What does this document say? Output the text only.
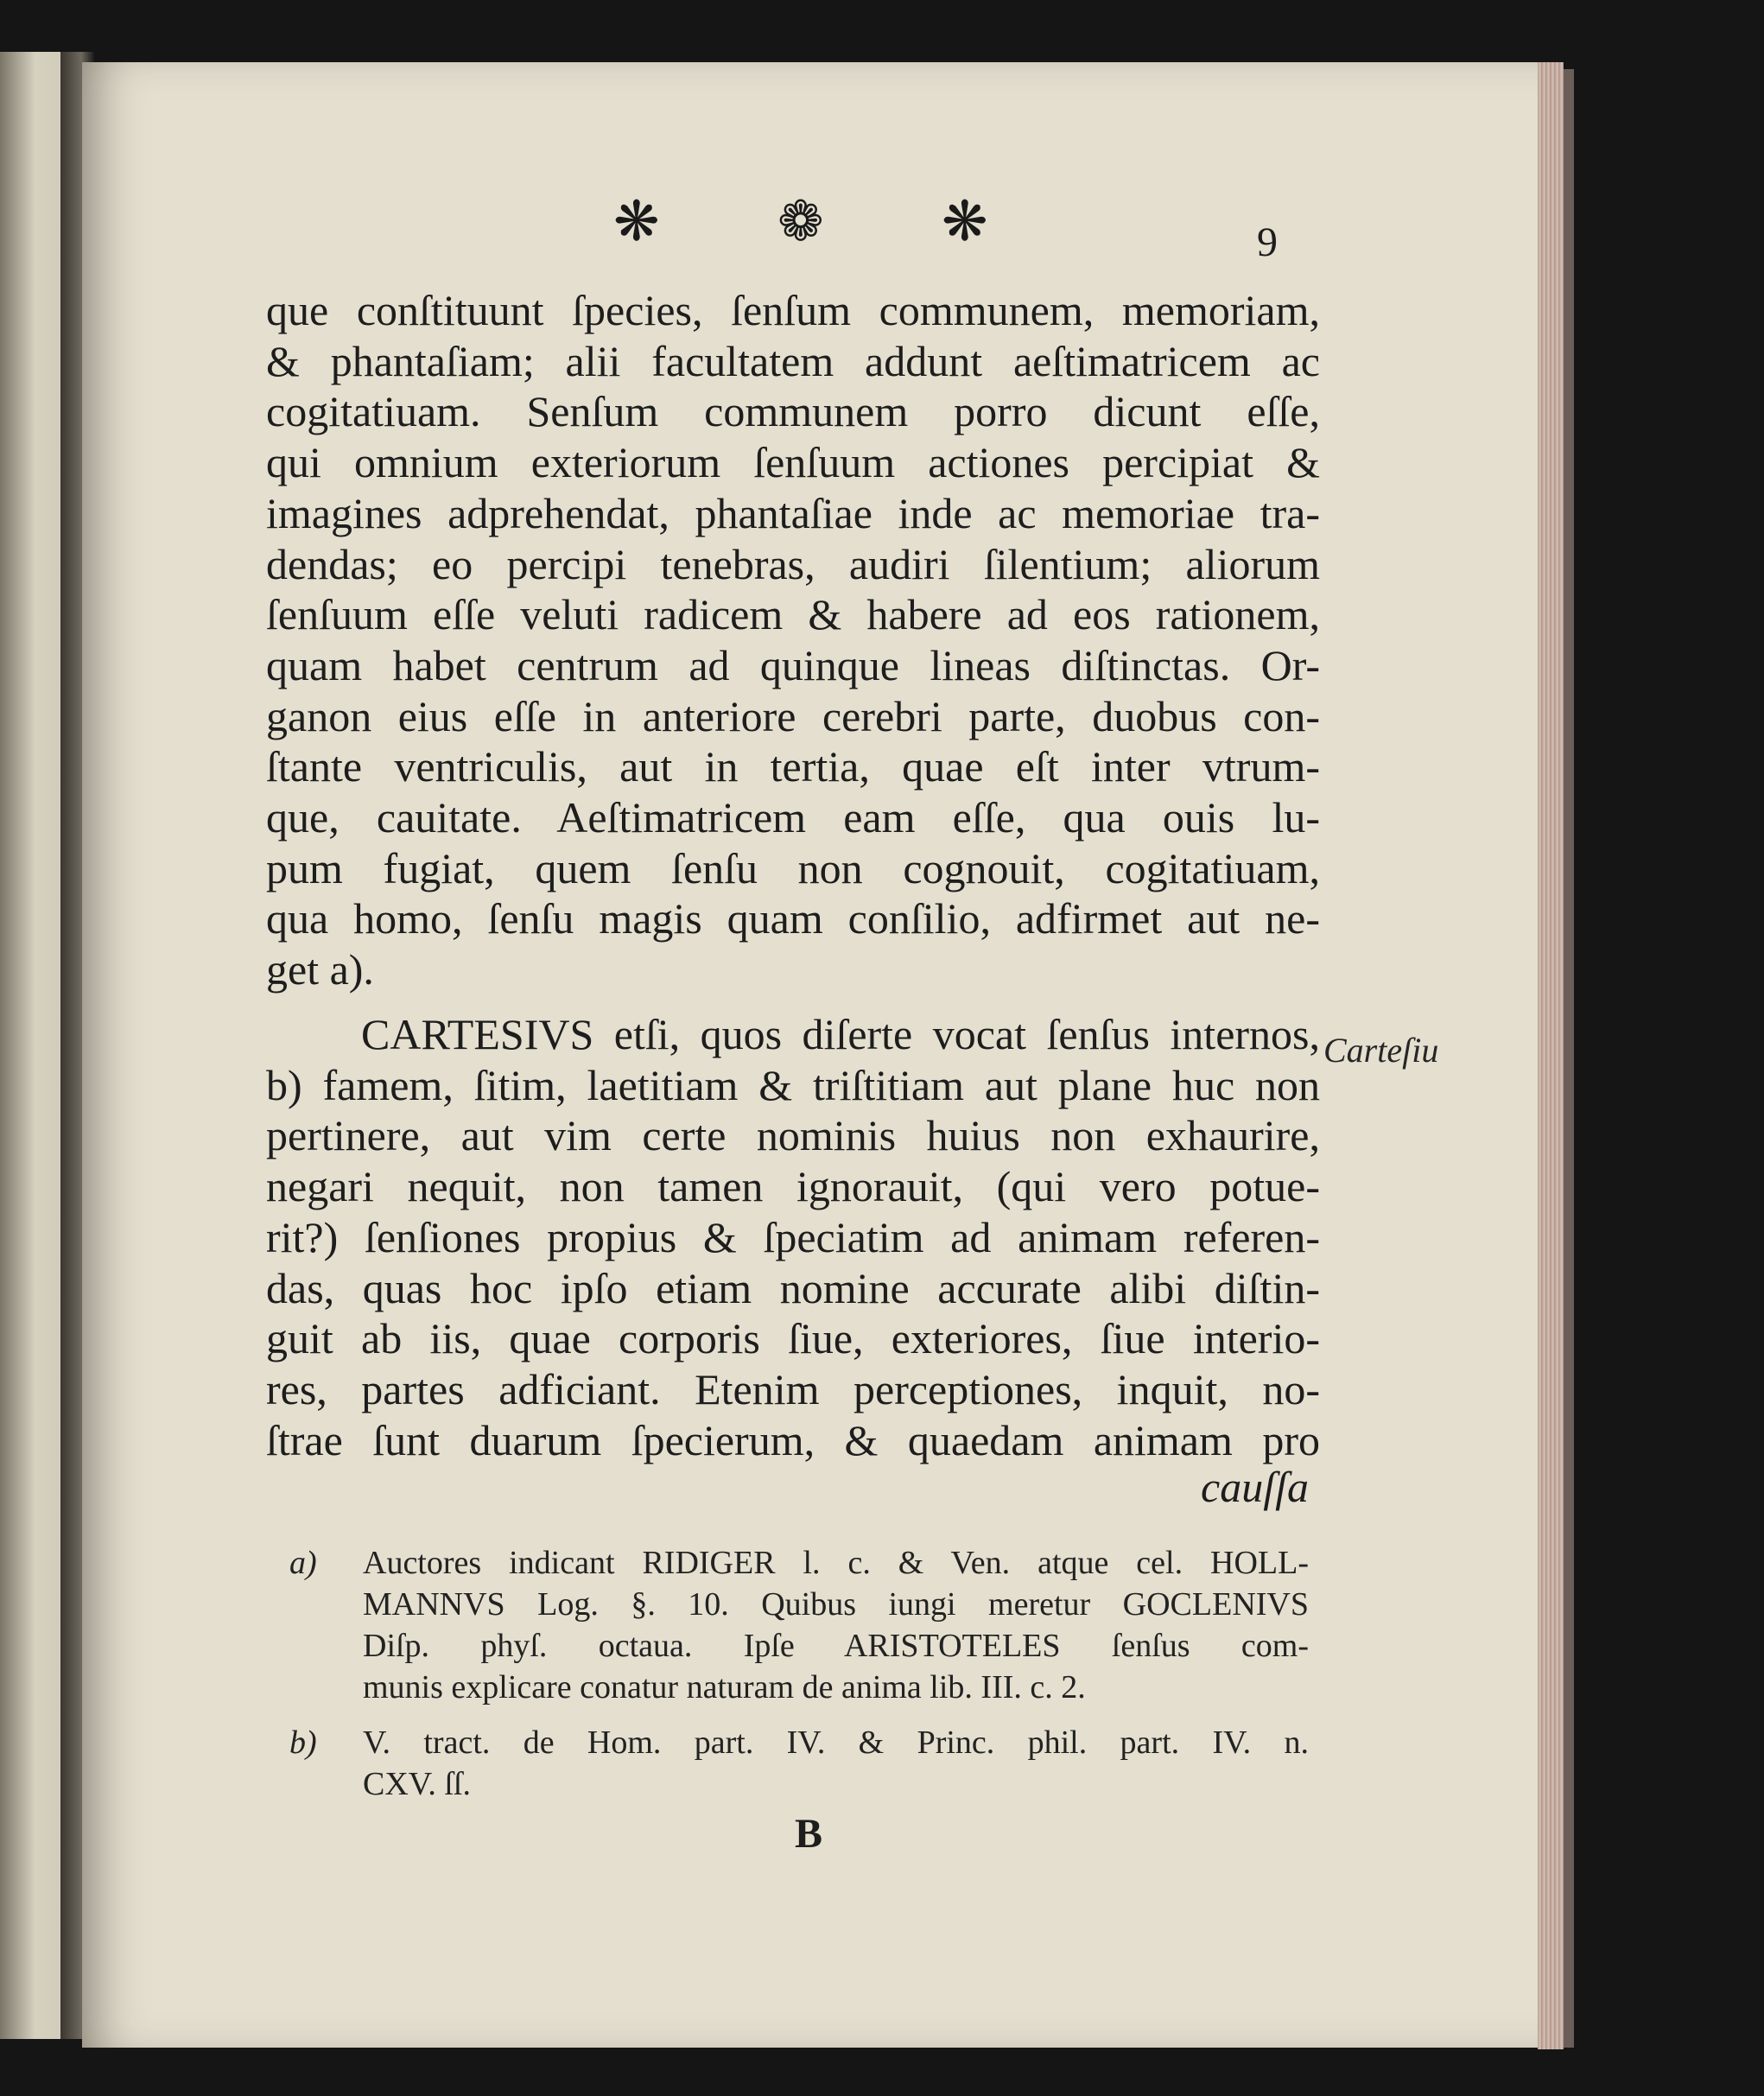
❋ ❁ ❋	9
que conſtituunt ſpecies, ſenſum communem, memoriam,
& phantaſiam; alii facultatem addunt aeſtimatricem ac
cogitatiuam. Senſum communem porro dicunt eſſe,
qui omnium exteriorum ſenſuum actiones percipiat &
imagines adprehendat, phantaſiae inde ac memoriae tra-
dendas; eo percipi tenebras, audiri ſilentium; aliorum
ſenſuum eſſe veluti radicem & habere ad eos rationem,
quam habet centrum ad quinque lineas diſtinctas. Or-
ganon eius eſſe in anteriore cerebri parte, duobus con-
ſtante ventriculis, aut in tertia, quae eſt inter vtrum-
que, cauitate. Aeſtimatricem eam eſſe, qua ouis lu-
pum fugiat, quem ſenſu non cognouit, cogitatiuam,
qua homo, ſenſu magis quam conſilio, adfirmet aut ne-
get a).
CARTESIVS etſi, quos diſerte vocat ſenſus internos,
b) famem, ſitim, laetitiam & triſtitiam aut plane huc non
pertinere, aut vim certe nominis huius non exhaurire,
negari nequit, non tamen ignorauit, (qui vero potue-
rit?) ſenſiones propius & ſpeciatim ad animam referen-
das, quas hoc ipſo etiam nomine accurate alibi diſtin-
guit ab iis, quae corporis ſiue, exteriores, ſiue interio-
res, partes adficiant. Etenim perceptiones, inquit, no-
ſtrae ſunt duarum ſpecierum, & quaedam animam pro
Carteſiu
cauſſa
a) Auctores indicant RIDIGER l. c. & Ven. atque cel. HOLL-
MANNVS Log. §. 10. Quibus iungi meretur GOCLENIVS
Diſp. phyſ. octaua. Ipſe ARISTOTELES ſenſus com-
munis explicare conatur naturam de anima lib. III. c. 2.
b) V. tract. de Hom. part. IV. & Princ. phil. part. IV. n.
CXV. ſſ.
B
